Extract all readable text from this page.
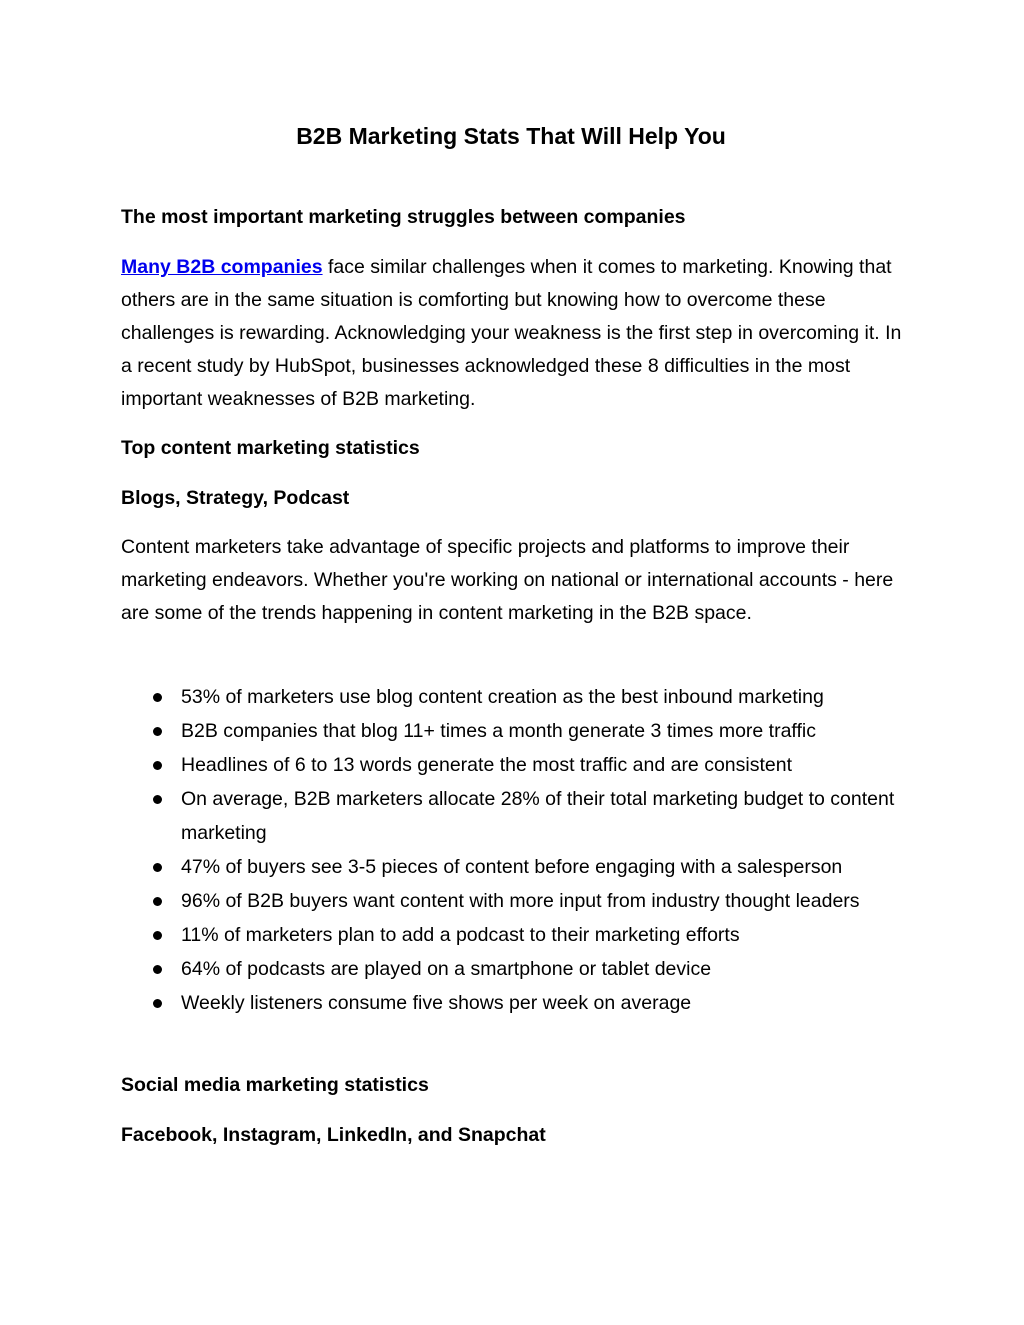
B2B Marketing Stats That Will Help You
The most important marketing struggles between companies

Many B2B companies face similar challenges when it comes to marketing. Knowing that others are in the same situation is comforting but knowing how to overcome these challenges is rewarding. Acknowledging your weakness is the first step in overcoming it. In a recent study by HubSpot, businesses acknowledged these 8 difficulties in the most important weaknesses of B2B marketing.

Top content marketing statistics
Blogs, Strategy, Podcast

Content marketers take advantage of specific projects and platforms to improve their marketing endeavors. Whether you're working on national or international accounts - here are some of the trends happening in content marketing in the B2B space.

53% of marketers use blog content creation as the best inbound marketing
B2B companies that blog 11+ times a month generate 3 times more traffic
Headlines of 6 to 13 words generate the most traffic and are consistent
On average, B2B marketers allocate 28% of their total marketing budget to content marketing
47% of buyers see 3-5 pieces of content before engaging with a salesperson
96% of B2B buyers want content with more input from industry thought leaders
11% of marketers plan to add a podcast to their marketing efforts
64% of podcasts are played on a smartphone or tablet device
Weekly listeners consume five shows per week on average
Social media marketing statistics
Facebook, Instagram, LinkedIn, and Snapchat
